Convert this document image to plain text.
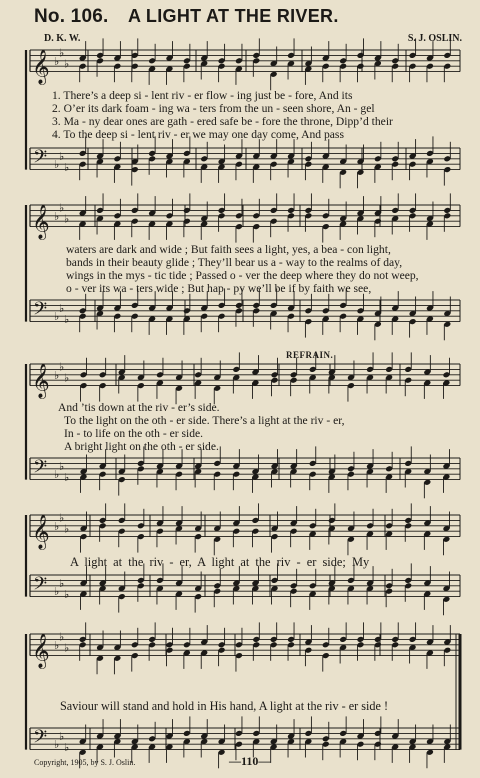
No. 106. A LIGHT AT THE RIVER.
D. K. W.	S. J. OSLIN.
𝄞 ♭
♭
♭
𝄢 ♭
♭
♭
𝄞 ♭
♭
♭
𝄢 ♭
♭
♭
𝄞 ♭
♭
♭
𝄢 ♭
♭
♭
𝄞 ♭
♭
♭
𝄢 ♭
♭
♭
𝄞 ♭
♭
♭
𝄢 ♭
♭
♭
1. There’s a deep si - lent riv - er flow - ing just be - fore, And its
2. O’er its dark foam - ing wa - ters from the un - seen shore, An - gel
3. Ma - ny dear ones are gath - ered safe be - fore the throne, Dipp’d their
4. To the deep si - lent riv - er we may one day come, And pass
waters are dark and wide ; But faith sees a light, yes, a bea - con light,
bands in their beauty glide ; They’ll bear us a - way to the realms of day,
wings in the mys - tic tide ; Passed o - ver the deep where they do not weep,
o - ver its wa - ters wide ; But hap - py we’ll be if by faith we see,
REFRAIN.
And ’tis down at the riv - er’s side.
To the light on the oth - er side. There’s a light at the riv - er,
In - to life on the oth - er side.
A bright light on the oth - er side.
A light at the riv - er, A light at the riv - er side; My
Saviour will stand and hold in His hand, A light at the riv - er side !
Copyright, 1905, by S. J. Oslin.	—110—
